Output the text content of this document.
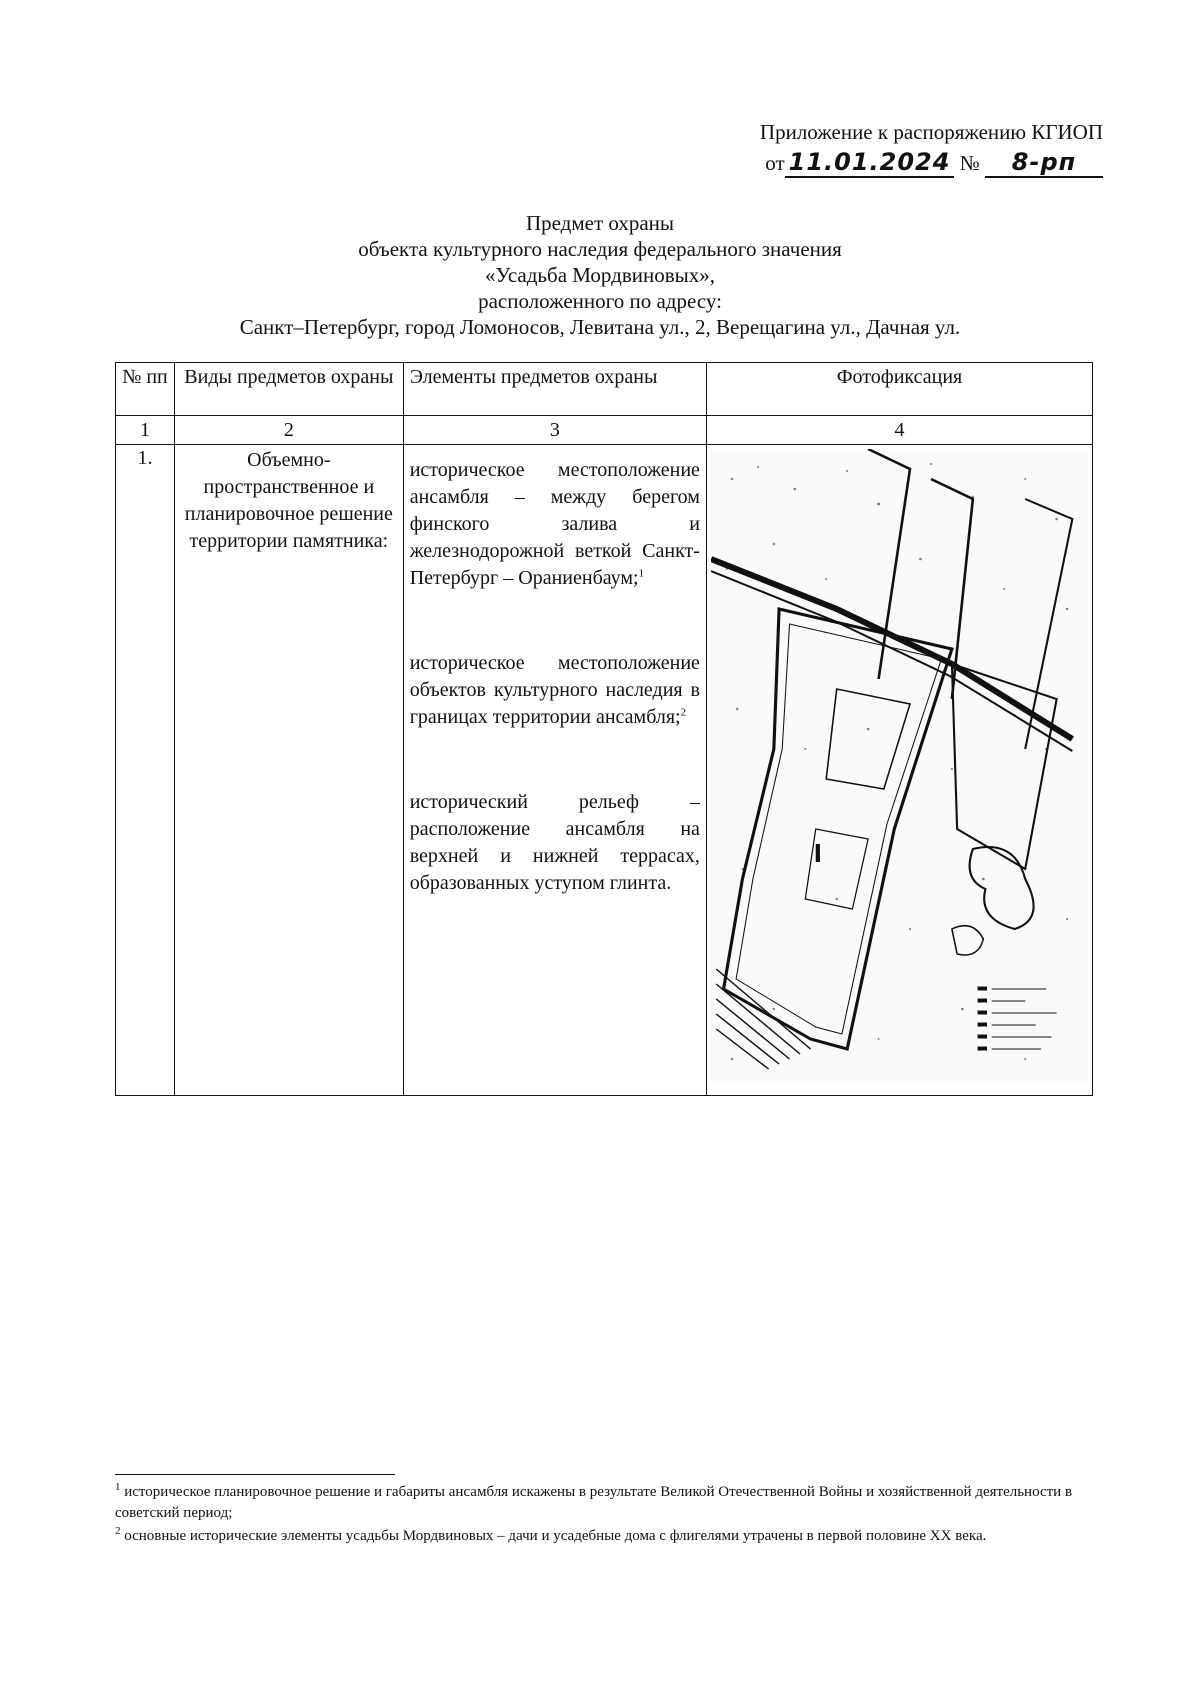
Приложение к распоряжению КГИОП
от 11.01.2024 № 8-рп
Предмет охраны
объекта культурного наследия федерального значения
«Усадьба Мордвиновых»,
расположенного по адресу:
Санкт–Петербург, город Ломоносов, Левитана ул., 2, Верещагина ул., Дачная ул.
№ пп	Виды предметов охраны	Элементы предметов охраны	Фотофиксация
1	2	3	4
1.	Объемно-пространственное и планировочное решение территории памятника:	историческое местоположение ансамбля – между берегом финского залива и железнодорожной веткой Санкт-Петербург – Ораниенбаум;$^1$

историческое местоположение объектов культурного наследия в границах территории ансамбля;$^2$

исторический рельеф – расположение ансамбля на верхней и нижней террасах, образованных уступом глинта.

$^1$ историческое планировочное решение и габариты ансамбля искажены в результате Великой Отечественной Войны и хозяйственной деятельности в советский период;
$^2$ основные исторические элементы усадьбы Мордвиновых – дачи и усадебные дома с флигелями утрачены в первой половине XX века.
